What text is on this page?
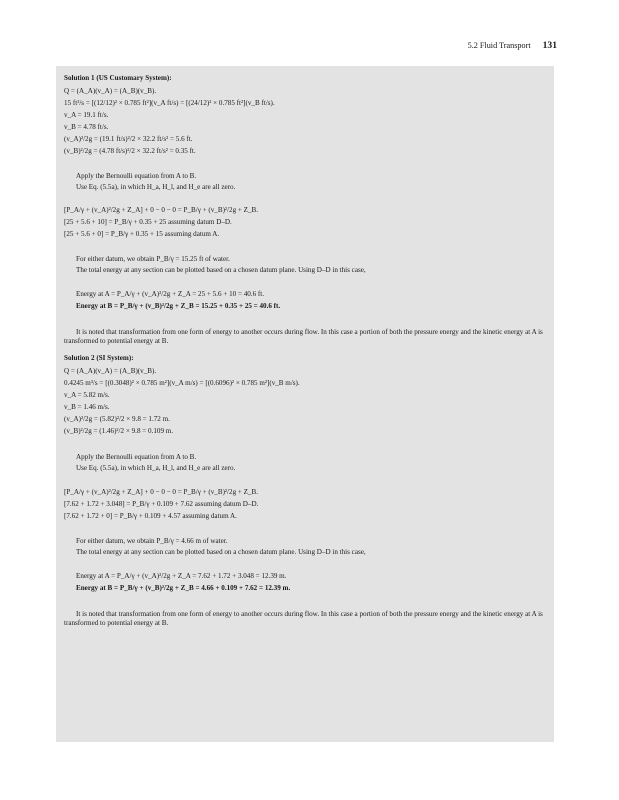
5.2 Fluid Transport 131
Solution 1 (US Customary System):
Q = (A_A)(v_A) = (A_B)(v_B).
15 ft³/s = [(12/12)² × 0.785 ft²](v_A ft/s) = [(24/12)² × 0.785 ft²](v_B ft/s).
v_A = 19.1 ft/s.
v_B = 4.78 ft/s.
(v_A)²/2g = (19.1 ft/s)²/2 × 32.2 ft/s² = 5.6 ft.
(v_B)²/2g = (4.78 ft/s)²/2 × 32.2 ft/s² = 0.35 ft.
Apply the Bernoulli equation from A to B.
Use Eq. (5.5a), in which H_a, H_l, and H_e are all zero.
[P_A/γ + (v_A)²/2g + Z_A] + 0 − 0 − 0 = P_B/γ + (v_B)²/2g + Z_B.
[25 + 5.6 + 10] = P_B/γ + 0.35 + 25 assuming datum D–D.
[25 + 5.6 + 0] = P_B/γ + 0.35 + 15 assuming datum A.
For either datum, we obtain P_B/γ = 15.25 ft of water.
The total energy at any section can be plotted based on a chosen datum plane. Using D–D in this case,
Energy at A = P_A/γ + (v_A)²/2g + Z_A = 25 + 5.6 + 10 = 40.6 ft.
Energy at B = P_B/γ + (v_B)²/2g + Z_B = 15.25 + 0.35 + 25 = 40.6 ft.
It is noted that transformation from one form of energy to another occurs during flow. In this case a portion of both the pressure energy and the kinetic energy at A is transformed to potential energy at B.
Solution 2 (SI System):
Q = (A_A)(v_A) = (A_B)(v_B).
0.4245 m³/s = [(0.3048)² × 0.785 m²](v_A m/s) = [(0.6096)² × 0.785 m²](v_B m/s).
v_A = 5.82 m/s.
v_B = 1.46 m/s.
(v_A)²/2g = (5.82)²/2 × 9.8 = 1.72 m.
(v_B)²/2g = (1.46)²/2 × 9.8 = 0.109 m.
Apply the Bernoulli equation from A to B.
Use Eq. (5.5a), in which H_a, H_l, and H_e are all zero.
[P_A/γ + (v_A)²/2g + Z_A] + 0 − 0 − 0 = P_B/γ + (v_B)²/2g + Z_B.
[7.62 + 1.72 + 3.048] = P_B/γ + 0.109 + 7.62 assuming datum D–D.
[7.62 + 1.72 + 0] = P_B/γ + 0.109 + 4.57 assuming datum A.
For either datum, we obtain P_B/γ = 4.66 m of water.
The total energy at any section can be plotted based on a chosen datum plane. Using D–D in this case,
Energy at A = P_A/γ + (v_A)²/2g + Z_A = 7.62 + 1.72 + 3.048 = 12.39 m.
Energy at B = P_B/γ + (v_B)²/2g + Z_B = 4.66 + 0.109 + 7.62 = 12.39 m.
It is noted that transformation from one form of energy to another occurs during flow. In this case a portion of both the pressure energy and the kinetic energy at A is transformed to potential energy at B.
